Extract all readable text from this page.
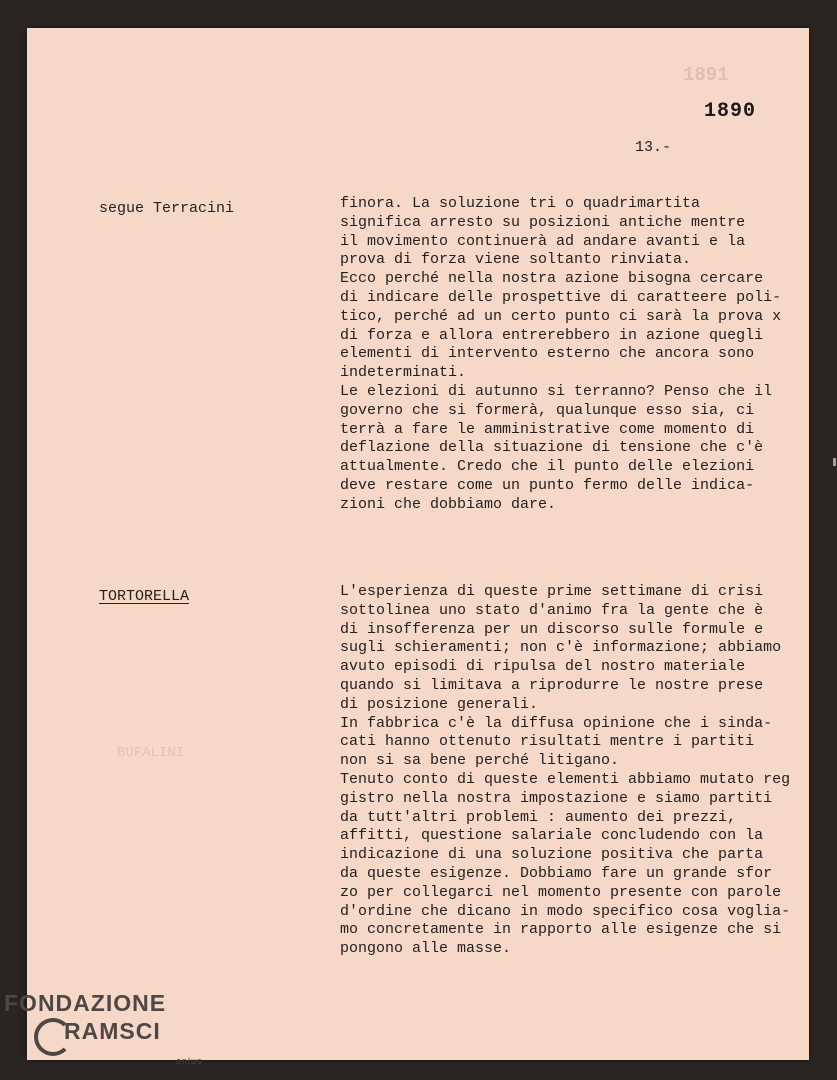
1891
BUFALINI
1890
13.-
segue Terracini	finora. La soluzione tri o quadrimartita
significa arresto su posizioni antiche mentre
il movimento continuerà ad andare avanti e la
prova di forza viene soltanto rinviata.
Ecco perché nella nostra azione bisogna cercare
di indicare delle prospettive di caratteere poli-
tico, perché ad un certo punto ci sarà la prova x
di forza e allora entrerebbero in azione quegli
elementi di intervento esterno che ancora sono
indeterminati.
Le elezioni di autunno si terranno? Penso che il
governo che si formerà, qualunque esso sia, ci
terrà a fare le amministrative come momento di
deflazione della situazione di tensione che c'è
attualmente. Credo che il punto delle elezioni
deve restare come un punto fermo delle indica-
zioni che dobbiamo dare.
TORTORELLA	L'esperienza di queste prime settimane di crisi
sottolinea uno stato d'animo fra la gente che è
di insofferenza per un discorso sulle formule e
sugli schieramenti; non c'è informazione; abbiamo
avuto episodi di ripulsa del nostro materiale
quando si limitava a riprodurre le nostre prese
di posizione generali.
In fabbrica c'è la diffusa opinione che i sinda-
cati hanno ottenuto risultati mentre i partiti
non si sa bene perché litigano.
Tenuto conto di queste elementi abbiamo mutato reg
gistro nella nostra impostazione e siamo partiti
da tutt'altri problemi : aumento dei prezzi,
affitti, questione salariale concludendo con la
indicazione di una soluzione positiva che parta
da queste esigenze. Dobbiamo fare un grande sfor
zo per collegarci nel momento presente con parole
d'ordine che dicano in modo specifico cosa voglia-
mo concretamente in rapporto alle esigenze che si
pongono alle masse.
FONDAZIONE
RAMSCI
onlus
